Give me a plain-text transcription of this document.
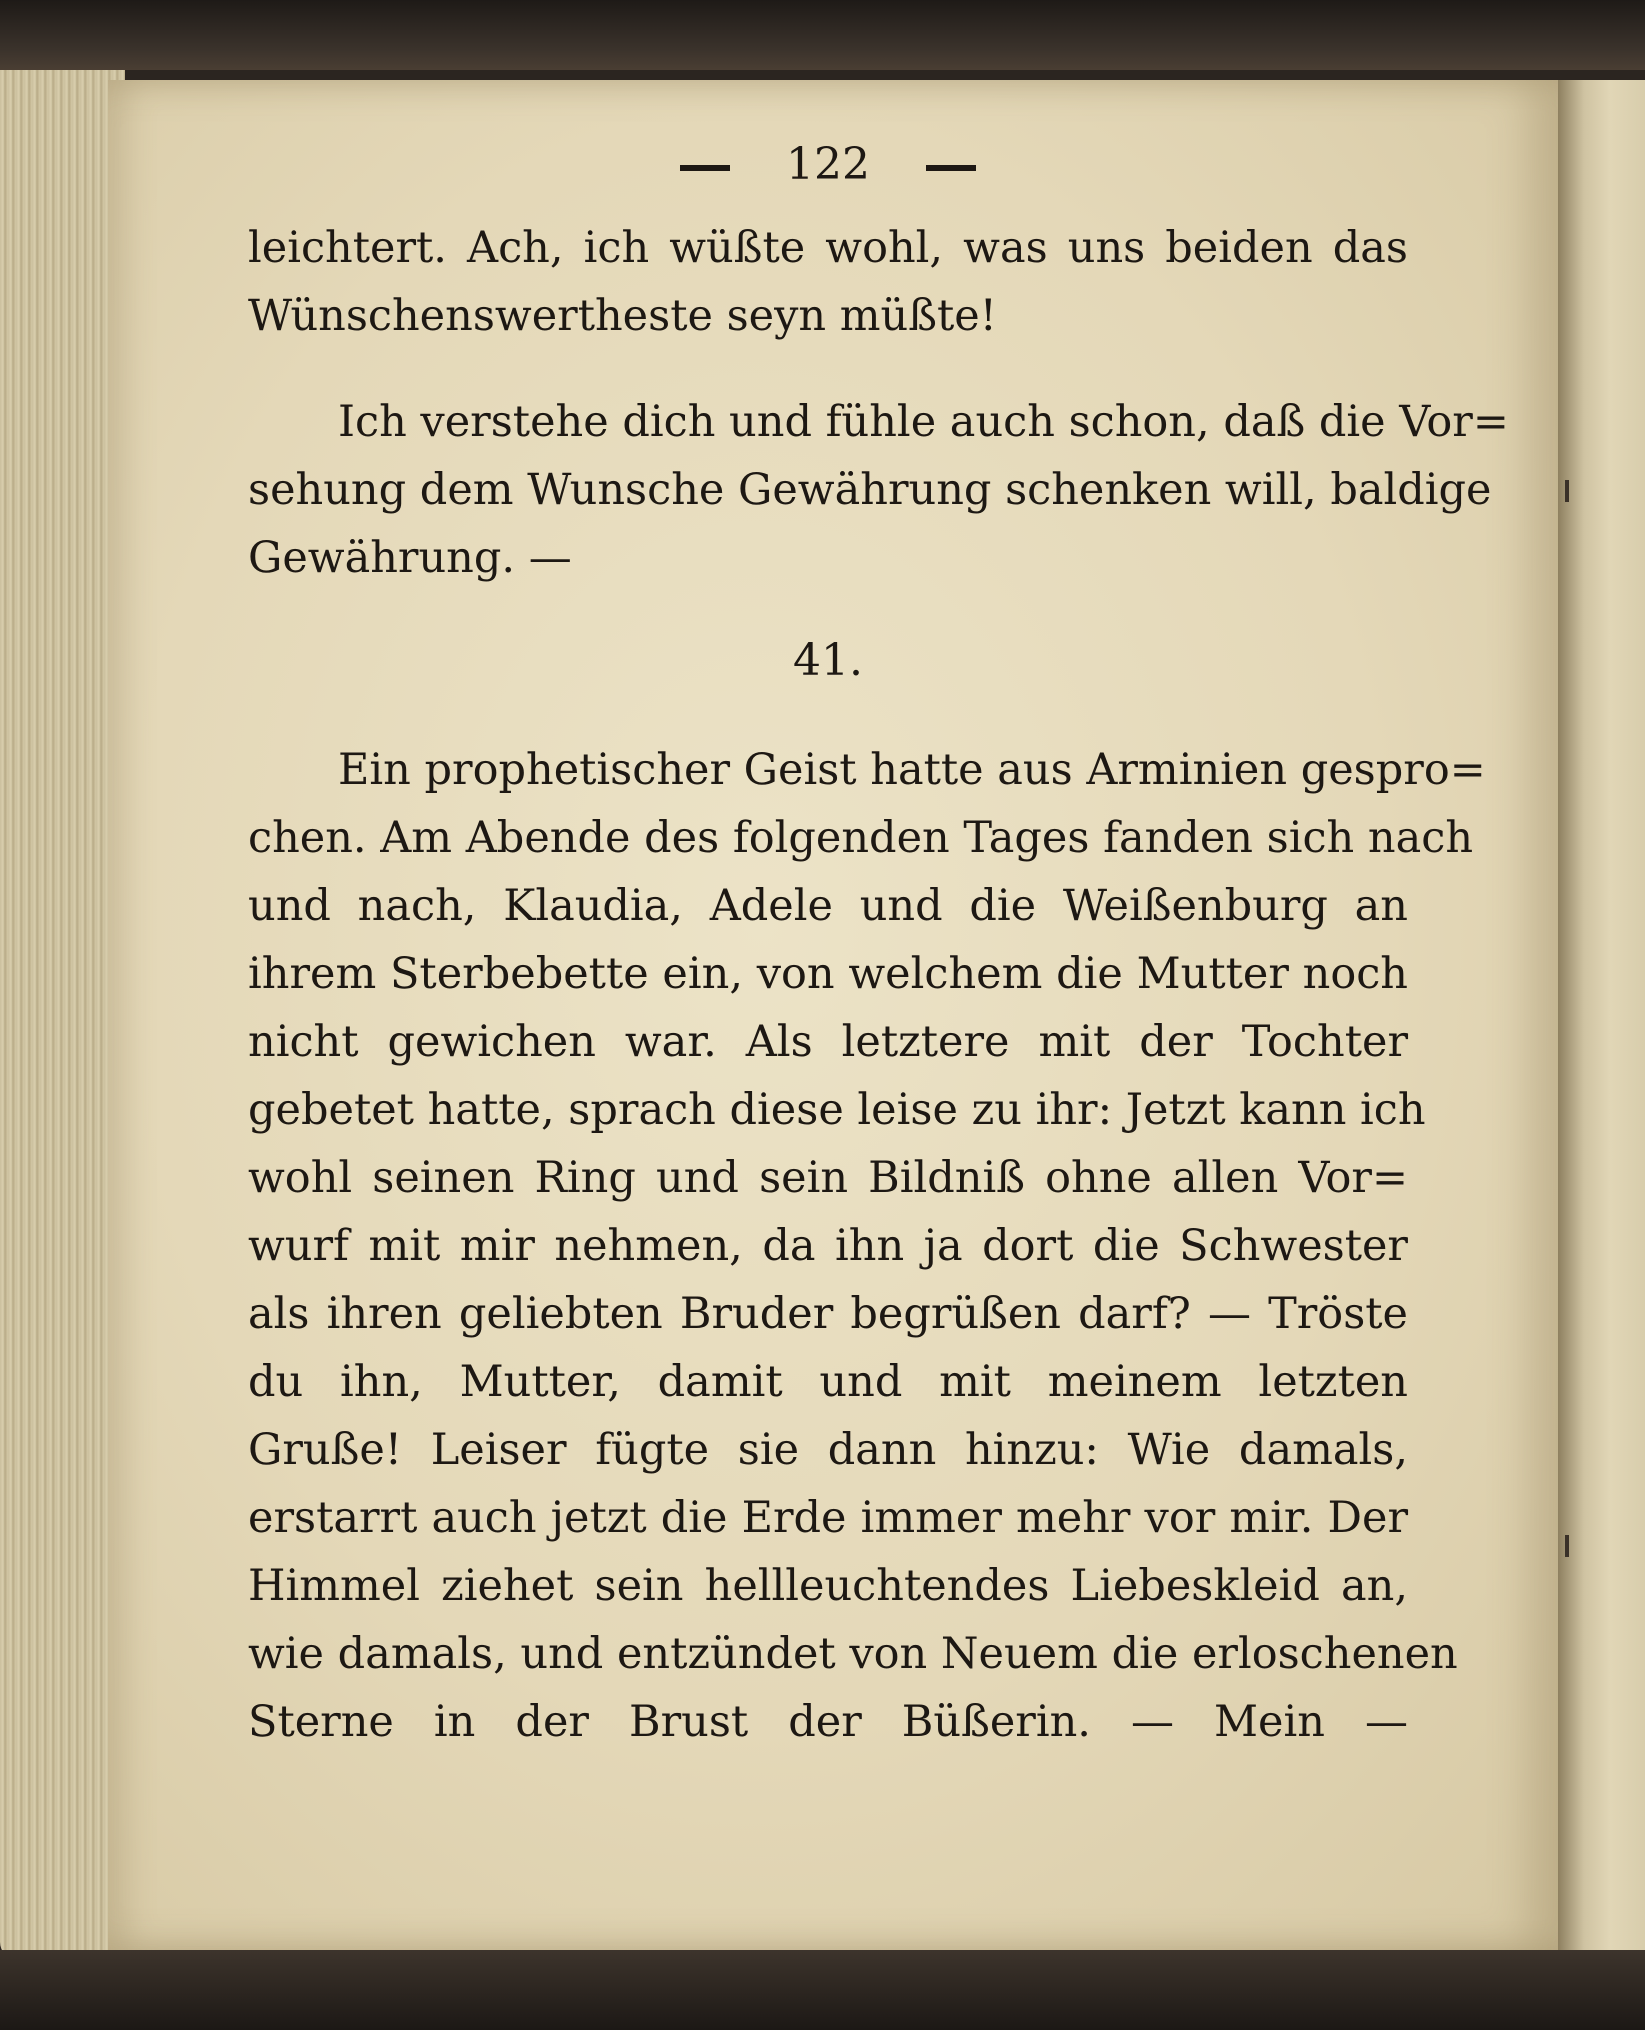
122
leichtert. Ach, ich wüßte wohl, was uns beiden das
Wünschenswertheste seyn müßte!
Ich verstehe dich und fühle auch schon, daß die Vor=
sehung dem Wunsche Gewährung schenken will, baldige
Gewährung. —
41.
Ein prophetischer Geist hatte aus Arminien gespro=
chen. Am Abende des folgenden Tages fanden sich nach
und nach, Klaudia, Adele und die Weißenburg an
ihrem Sterbebette ein, von welchem die Mutter noch
nicht gewichen war. Als letztere mit der Tochter
gebetet hatte, sprach diese leise zu ihr: Jetzt kann ich
wohl seinen Ring und sein Bildniß ohne allen Vor=
wurf mit mir nehmen, da ihn ja dort die Schwester
als ihren geliebten Bruder begrüßen darf? — Tröste
du ihn, Mutter, damit und mit meinem letzten
Gruße! Leiser fügte sie dann hinzu: Wie damals,
erstarrt auch jetzt die Erde immer mehr vor mir. Der
Himmel ziehet sein hellleuchtendes Liebeskleid an,
wie damals, und entzündet von Neuem die erloschenen
Sterne in der Brust der Büßerin. — Mein —
